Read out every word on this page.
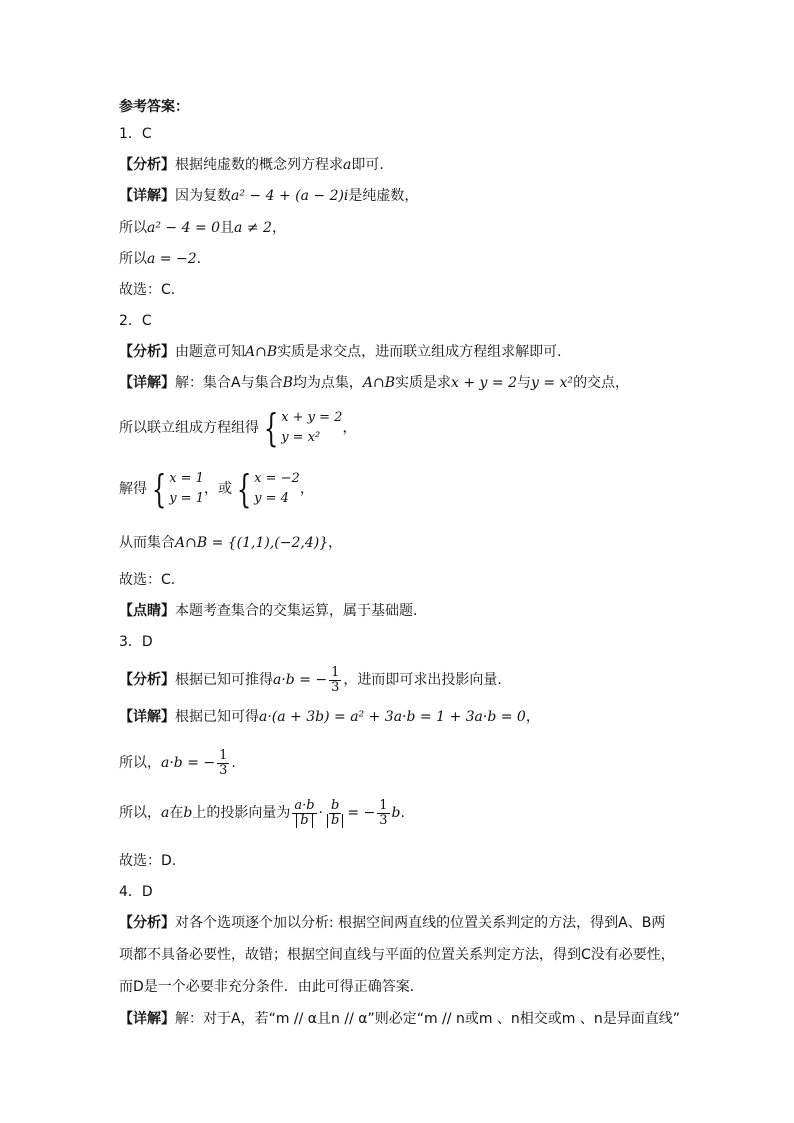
参考答案：
1．C
【分析】根据纯虚数的概念列方程求a即可.
【详解】因为复数a² − 4 + (a − 2)i是纯虚数，
所以a² − 4 = 0且a ≠ 2，
所以a = −2.
故选：C.
2．C
【分析】由题意可知A∩B实质是求交点，进而联立组成方程组求解即可.
【详解】解：集合A与集合B均为点集，A∩B实质是求x + y = 2与y = x²的交点，
所以联立组成方程组得 { x + y = 2
y = x²
，
解得 { x = 1
y = 1
，或 { x = −2
y = 4
，
从而集合A∩B = {(1,1),(−2,4)}，
故选：C.
【点睛】本题考查集合的交集运算，属于基础题.
3．D
【分析】根据已知可推得a·b = − $\frac{1}{3}$ ，进而即可求出投影向量.
【详解】根据已知可得a·(a + 3b) = a² + 3a·b = 1 + 3a·b = 0，
所以，a·b = − $\frac{1}{3}$ .
所以，a在b上的投影向量为 $\frac{a\cdot b}{b} \cdot \frac{b}{b}$ = − $\frac{1}{3} b$.
故选：D.
4．D
【分析】对各个选项逐个加以分析: 根据空间两直线的位置关系判定的方法，得到A、B两
项都不具备必要性，故错；根据空间直线与平面的位置关系判定方法，得到C没有必要性，
而D是一个必要非充分条件．由此可得正确答案．
【详解】解：对于A，若“m // α且n // α”则必定“m // n或m 、n相交或m 、n是异面直线”
